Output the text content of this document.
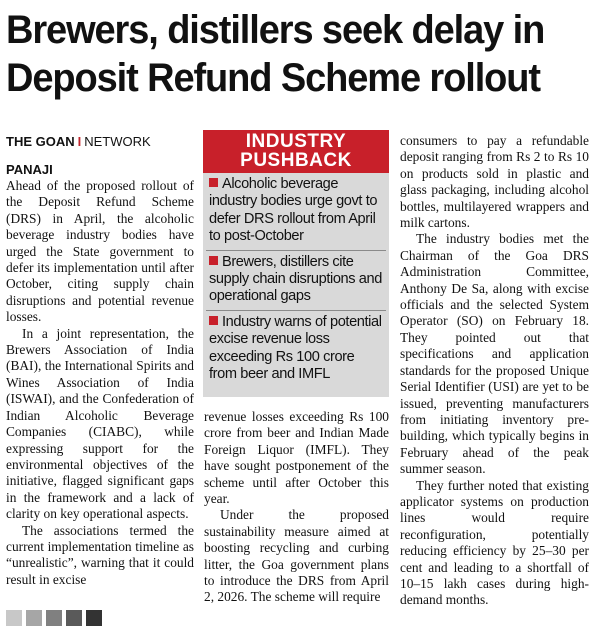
Brewers, distillers seek delay in
Deposit Refund Scheme rollout
THE GOAN I NETWORK
PANAJI

Ahead of the proposed rollout of the Deposit Refund Scheme (DRS) in April, the alcoholic beverage industry bodies have urged the State government to defer its implementation until after October, citing supply chain disruptions and potential revenue losses.

In a joint representation, the Brewers Association of India (BAI), the International Spirits and Wines Association of India (ISWAI), and the Confederation of Indian Alcoholic Beverage Companies (CIABC), while expressing support for the environmental objectives of the initiative, flagged significant gaps in the framework and a lack of clarity on key operational aspects.

The associations termed the current implementation timeline as “unrealistic”, warning that it could result in excise

INDUSTRY
PUSHBACK
Alcoholic beverage industry bodies urge govt to defer DRS rollout from April to post-October
Brewers, distillers cite supply chain disruptions and operational gaps
Industry warns of potential excise revenue loss exceeding Rs 100 crore from beer and IMFL

revenue losses exceeding Rs 100 crore from beer and Indian Made Foreign Liquor (IMFL). They have sought postponement of the scheme until after October this year.

Under the proposed sustainability measure aimed at boosting recycling and curbing litter, the Goa government plans to introduce the DRS from April 2, 2026. The scheme will require

consumers to pay a refundable deposit ranging from Rs 2 to Rs 10 on products sold in plastic and glass packaging, including alcohol bottles, multilayered wrappers and milk cartons.

The industry bodies met the Chairman of the Goa DRS Administration Committee, Anthony De Sa, along with excise officials and the selected System Operator (SO) on February 18. They pointed out that specifications and application standards for the proposed Unique Serial Identifier (USI) are yet to be issued, preventing manufacturers from initiating inventory pre-building, which typically begins in February ahead of the peak summer season.

They further noted that existing applicator systems on production lines would require reconfiguration, potentially reducing efficiency by 25–30 per cent and leading to a shortfall of 10–15 lakh cases during high-demand months.
